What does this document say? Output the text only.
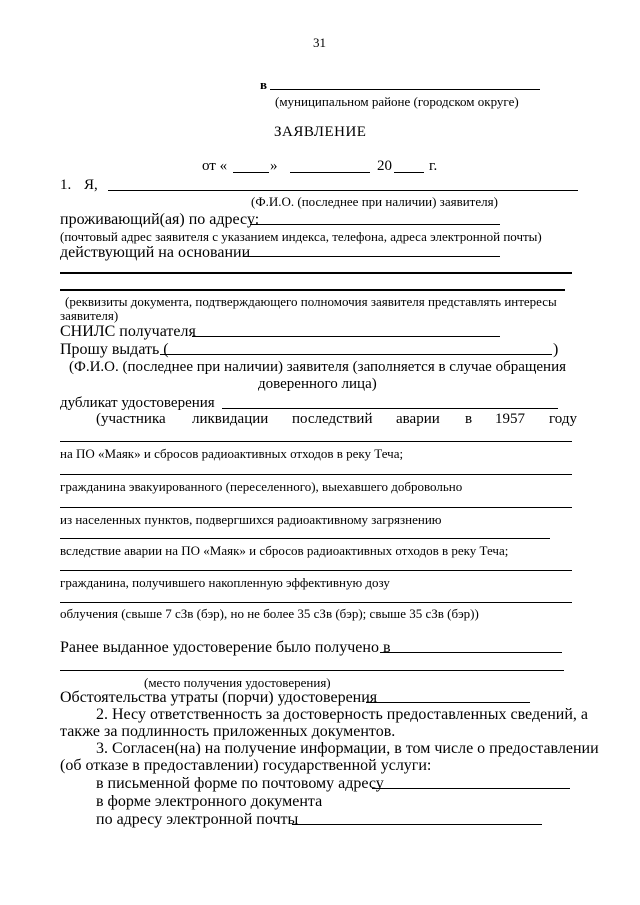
31
в
(муниципальном районе (городском округе)
ЗАЯВЛЕНИЕ
от «	»	20 г.
1. Я,
(Ф.И.О. (последнее при наличии) заявителя)
проживающий(ая) по адресу:
(почтовый адрес заявителя с указанием индекса, телефона, адреса электронной почты)
действующий на основании
(реквизиты документа, подтверждающего полномочия заявителя представлять интересы
заявителя)
СНИЛС получателя
Прошу выдать (	)
(Ф.И.О. (последнее при наличии) заявителя (заполняется в случае обращения
доверенного лица)
дубликат удостоверения
(участника ликвидации последствий аварии в 1957 году
на ПО «Маяк» и сбросов радиоактивных отходов в реку Теча;
гражданина эвакуированного (переселенного), выехавшего добровольно
из населенных пунктов, подвергшихся радиоактивному загрязнению
вследствие аварии на ПО «Маяк» и сбросов радиоактивных отходов в реку Теча;
гражданина, получившего накопленную эффективную дозу
облучения (свыше 7 сЗв (бэр), но не более 35 сЗв (бэр); свыше 35 сЗв (бэр))
Ранее выданное удостоверение было получено в
(место получения удостоверения)
Обстоятельства утраты (порчи) удостоверения
2. Несу ответственность за достоверность предоставленных сведений, а
также за подлинность приложенных документов.
3. Согласен(на) на получение информации, в том числе о предоставлении
(об отказе в предоставлении) государственной услуги:
в письменной форме по почтовому адресу
в форме электронного документа
по адресу электронной почты
